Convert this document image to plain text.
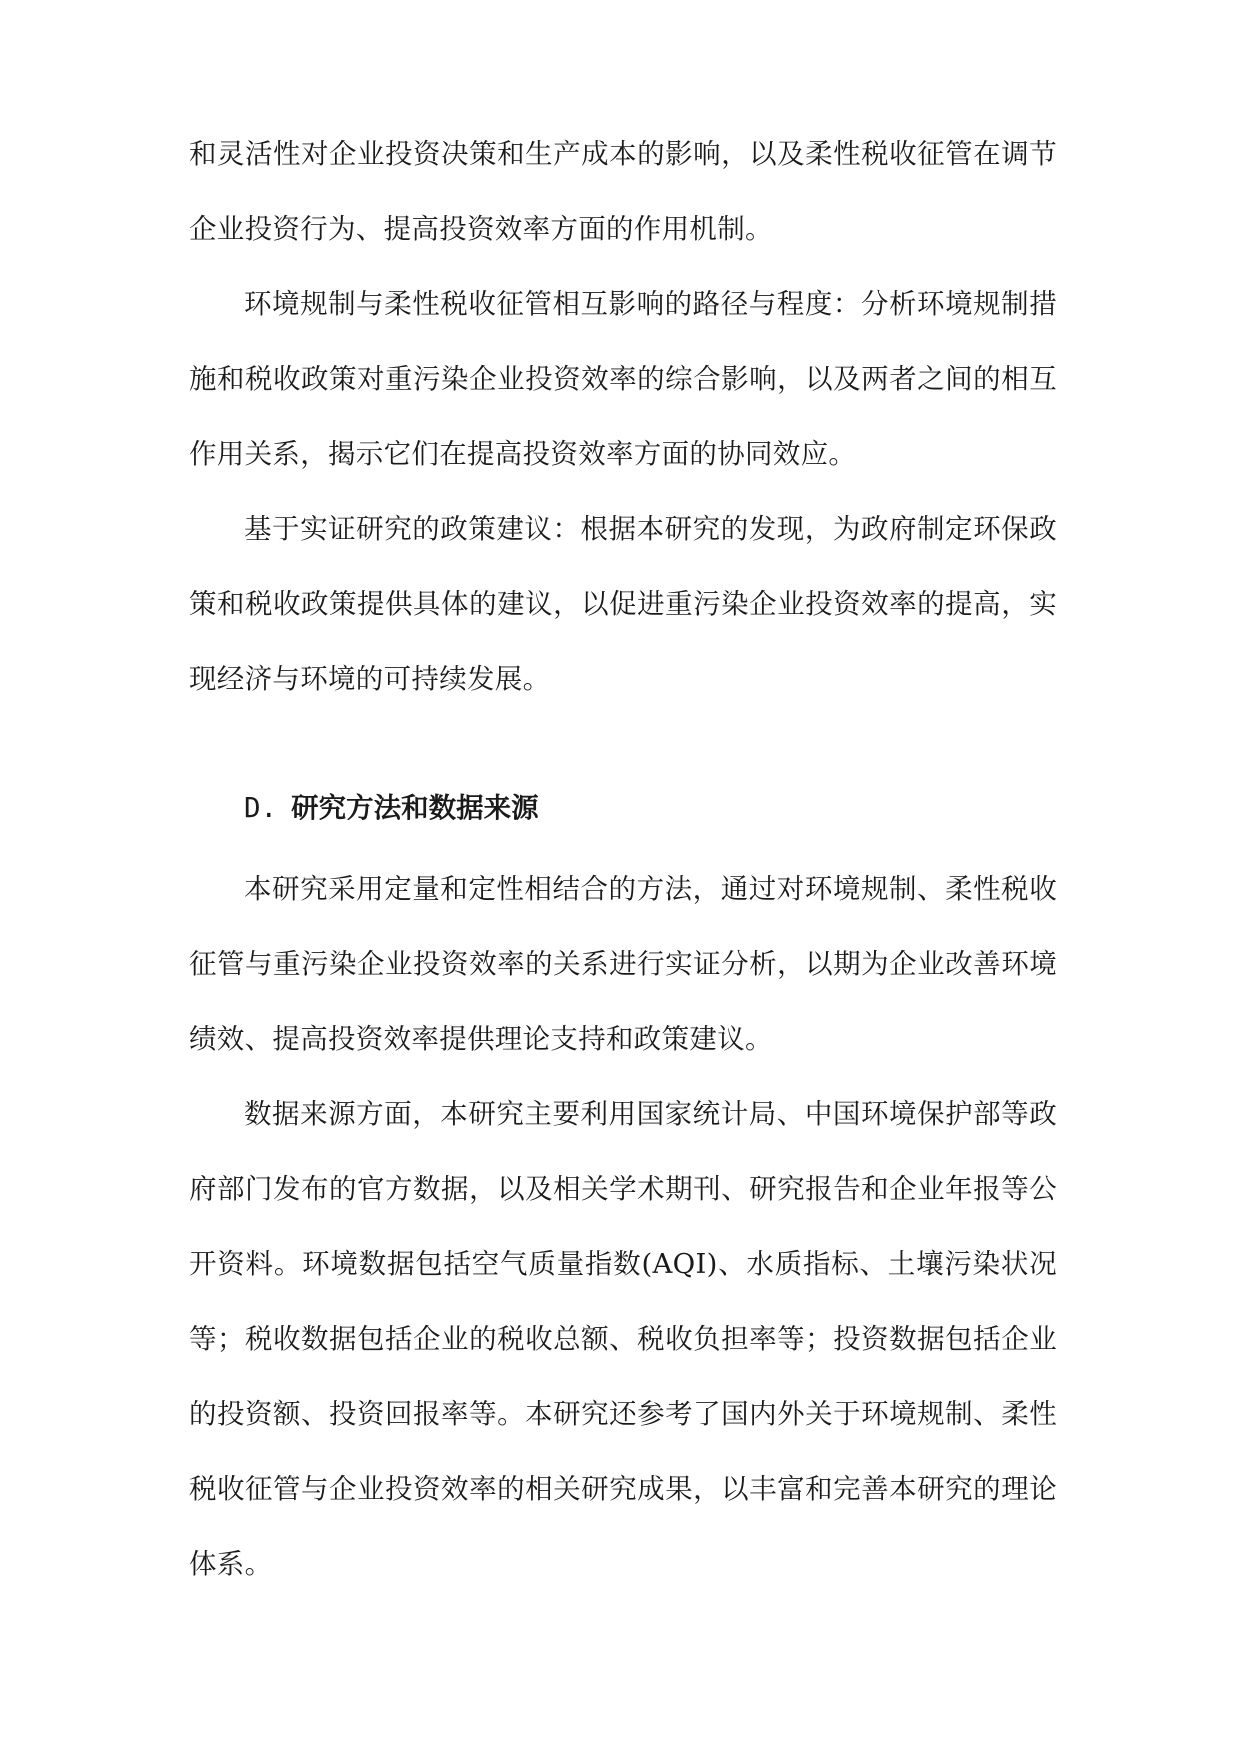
和灵活性对企业投资决策和生产成本的影响，以及柔性税收征管在调节企业投资行为、提高投资效率方面的作用机制。

环境规制与柔性税收征管相互影响的路径与程度：分析环境规制措施和税收政策对重污染企业投资效率的综合影响，以及两者之间的相互作用关系，揭示它们在提高投资效率方面的协同效应。

基于实证研究的政策建议：根据本研究的发现，为政府制定环保政策和税收政策提供具体的建议，以促进重污染企业投资效率的提高，实现经济与环境的可持续发展。

D. 研究方法和数据来源

本研究采用定量和定性相结合的方法，通过对环境规制、柔性税收征管与重污染企业投资效率的关系进行实证分析，以期为企业改善环境绩效、提高投资效率提供理论支持和政策建议。

数据来源方面，本研究主要利用国家统计局、中国环境保护部等政府部门发布的官方数据，以及相关学术期刊、研究报告和企业年报等公开资料。环境数据包括空气质量指数(AQI)、水质指标、土壤污染状况等；税收数据包括企业的税收总额、税收负担率等；投资数据包括企业的投资额、投资回报率等。本研究还参考了国内外关于环境规制、柔性税收征管与企业投资效率的相关研究成果，以丰富和完善本研究的理论体系。
